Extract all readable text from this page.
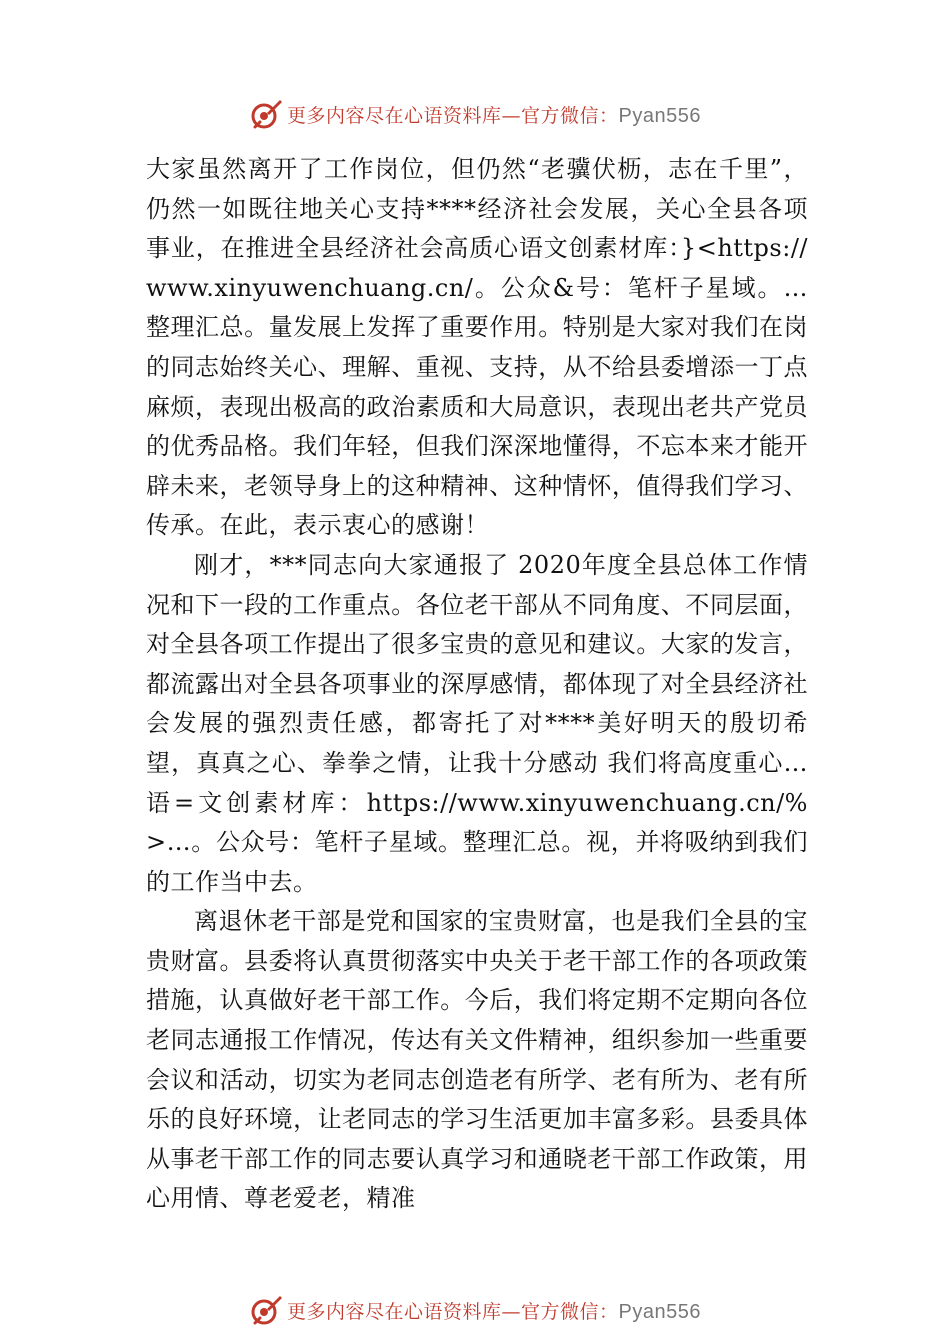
更多内容尽在心语资料库—官方微信：Pyan556

大家虽然离开了工作岗位，但仍然“老骥伏枥，志在千里”， 仍然一如既往地关心支持****经济社会发展，关心全县各项事业，在推进全县经济社会高质心语文创素材库：}<https://www.xinyuwenchuang.cn/。公众&号：笔杆子星域。…整理汇总。量发展上发挥了重要作用。特别是大家对我们在岗的同志始终关心、理解、重视、支持，从不给县委增添一丁点麻烦，表现出极高的政治素质和大局意识，表现出老共产党员的优秀品格。我们年轻，但我们深深地懂得，不忘本来才能开辟未来，老领导身上的这种精神、这种情怀，值得我们学习、传承。在此，表示衷心的感谢！

刚才，***同志向大家通报了 2020年度全县总体工作情况和下一段的工作重点。各位老干部从不同角度、不同层面，对全县各项工作提出了很多宝贵的意见和建议。大家的发言，都流露出对全县各项事业的深厚感情，都体现了对全县经济社会发展的强烈责任感，都寄托了对****美好明天的殷切希望，真真之心、拳拳之情，让我十分感动 我们将高度重心…语=文创素材库：https://www.xinyuwenchuang.cn/%>…。公众号：笔杆子星域。整理汇总。视，并将吸纳到我们的工作当中去。

离退休老干部是党和国家的宝贵财富，也是我们全县的宝贵财富。县委将认真贯彻落实中央关于老干部工作的各项政策措施，认真做好老干部工作。今后，我们将定期不定期向各位老同志通报工作情况，传达有关文件精神，组织参加一些重要会议和活动，切实为老同志创造老有所学、老有所为、老有所乐的良好环境，让老同志的学习生活更加丰富多彩。县委具体从事老干部工作的同志要认真学习和通晓老干部工作政策，用心用情、尊老爱老，精准

更多内容尽在心语资料库—官方微信：Pyan556
